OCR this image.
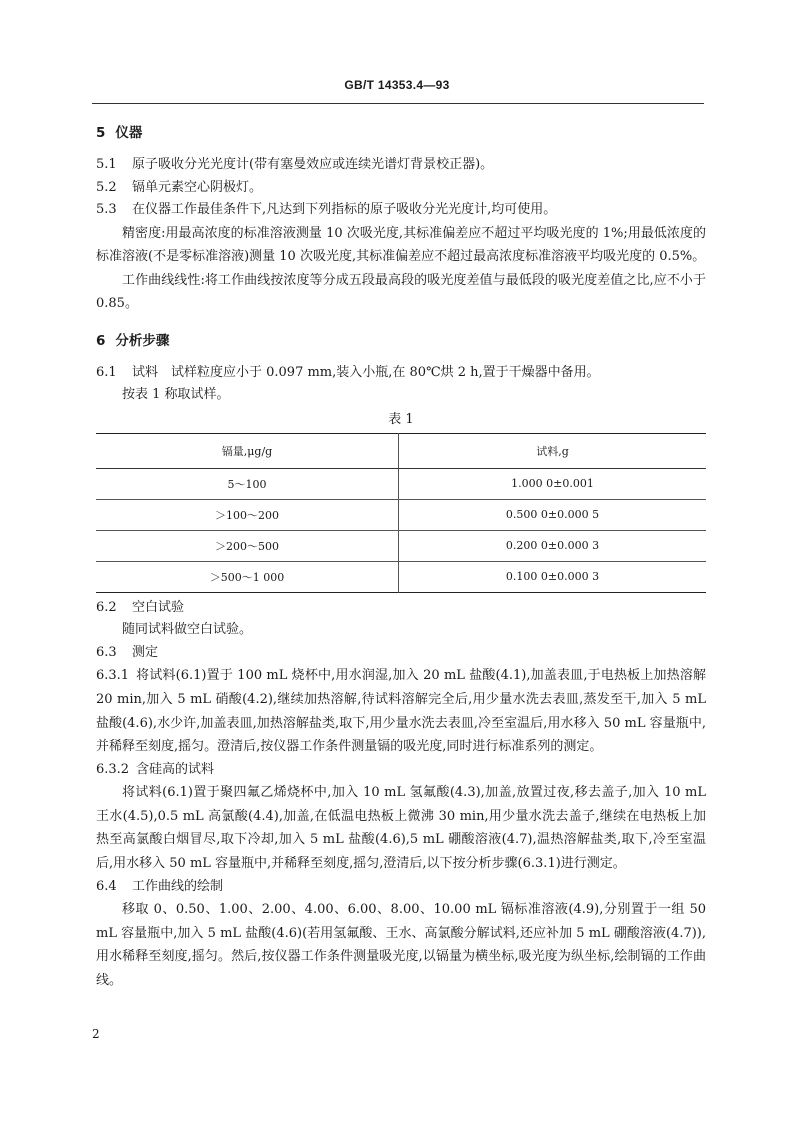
GB/T 14353.4—93
5 仪器
5.1 原子吸收分光光度计(带有塞曼效应或连续光谱灯背景校正器)。
5.2 镉单元素空心阴极灯。
5.3 在仪器工作最佳条件下,凡达到下列指标的原子吸收分光光度计,均可使用。

精密度:用最高浓度的标准溶液测量 10 次吸光度,其标准偏差应不超过平均吸光度的 1%;用最低浓度的标准溶液(不是零标准溶液)测量 10 次吸光度,其标准偏差应不超过最高浓度标准溶液平均吸光度的 0.5%。

工作曲线线性:将工作曲线按浓度等分成五段最高段的吸光度差值与最低段的吸光度差值之比,应不小于 0.85。

6 分析步骤
6.1 试料　试样粒度应小于 0.097 mm,装入小瓶,在 80℃烘 2 h,置于干燥器中备用。
按表 1 称取试样。
表 1
镉量,μg/g	试料,g
5～100	1.000 0±0.001
＞100～200	0.500 0±0.000 5
＞200～500	0.200 0±0.000 3
＞500～1 000	0.100 0±0.000 3
6.2 空白试验
随同试料做空白试验。
6.3 测定

6.3.1 将试料(6.1)置于 100 mL 烧杯中,用水润湿,加入 20 mL 盐酸(4.1),加盖表皿,于电热板上加热溶解 20 min,加入 5 mL 硝酸(4.2),继续加热溶解,待试料溶解完全后,用少量水洗去表皿,蒸发至干,加入 5 mL 盐酸(4.6),水少许,加盖表皿,加热溶解盐类,取下,用少量水洗去表皿,冷至室温后,用水移入 50 mL 容量瓶中,并稀释至刻度,摇匀。澄清后,按仪器工作条件测量镉的吸光度,同时进行标准系列的测定。

6.3.2 含硅高的试料

将试料(6.1)置于聚四氟乙烯烧杯中,加入 10 mL 氢氟酸(4.3),加盖,放置过夜,移去盖子,加入 10 mL 王水(4.5),0.5 mL 高氯酸(4.4),加盖,在低温电热板上微沸 30 min,用少量水洗去盖子,继续在电热板上加热至高氯酸白烟冒尽,取下冷却,加入 5 mL 盐酸(4.6),5 mL 硼酸溶液(4.7),温热溶解盐类,取下,冷至室温后,用水移入 50 mL 容量瓶中,并稀释至刻度,摇匀,澄清后,以下按分析步骤(6.3.1)进行测定。

6.4 工作曲线的绘制

移取 0、0.50、1.00、2.00、4.00、6.00、8.00、10.00 mL 镉标准溶液(4.9),分别置于一组 50 mL 容量瓶中,加入 5 mL 盐酸(4.6)(若用氢氟酸、王水、高氯酸分解试料,还应补加 5 mL 硼酸溶液(4.7)),用水稀释至刻度,摇匀。然后,按仪器工作条件测量吸光度,以镉量为横坐标,吸光度为纵坐标,绘制镉的工作曲线。

2
